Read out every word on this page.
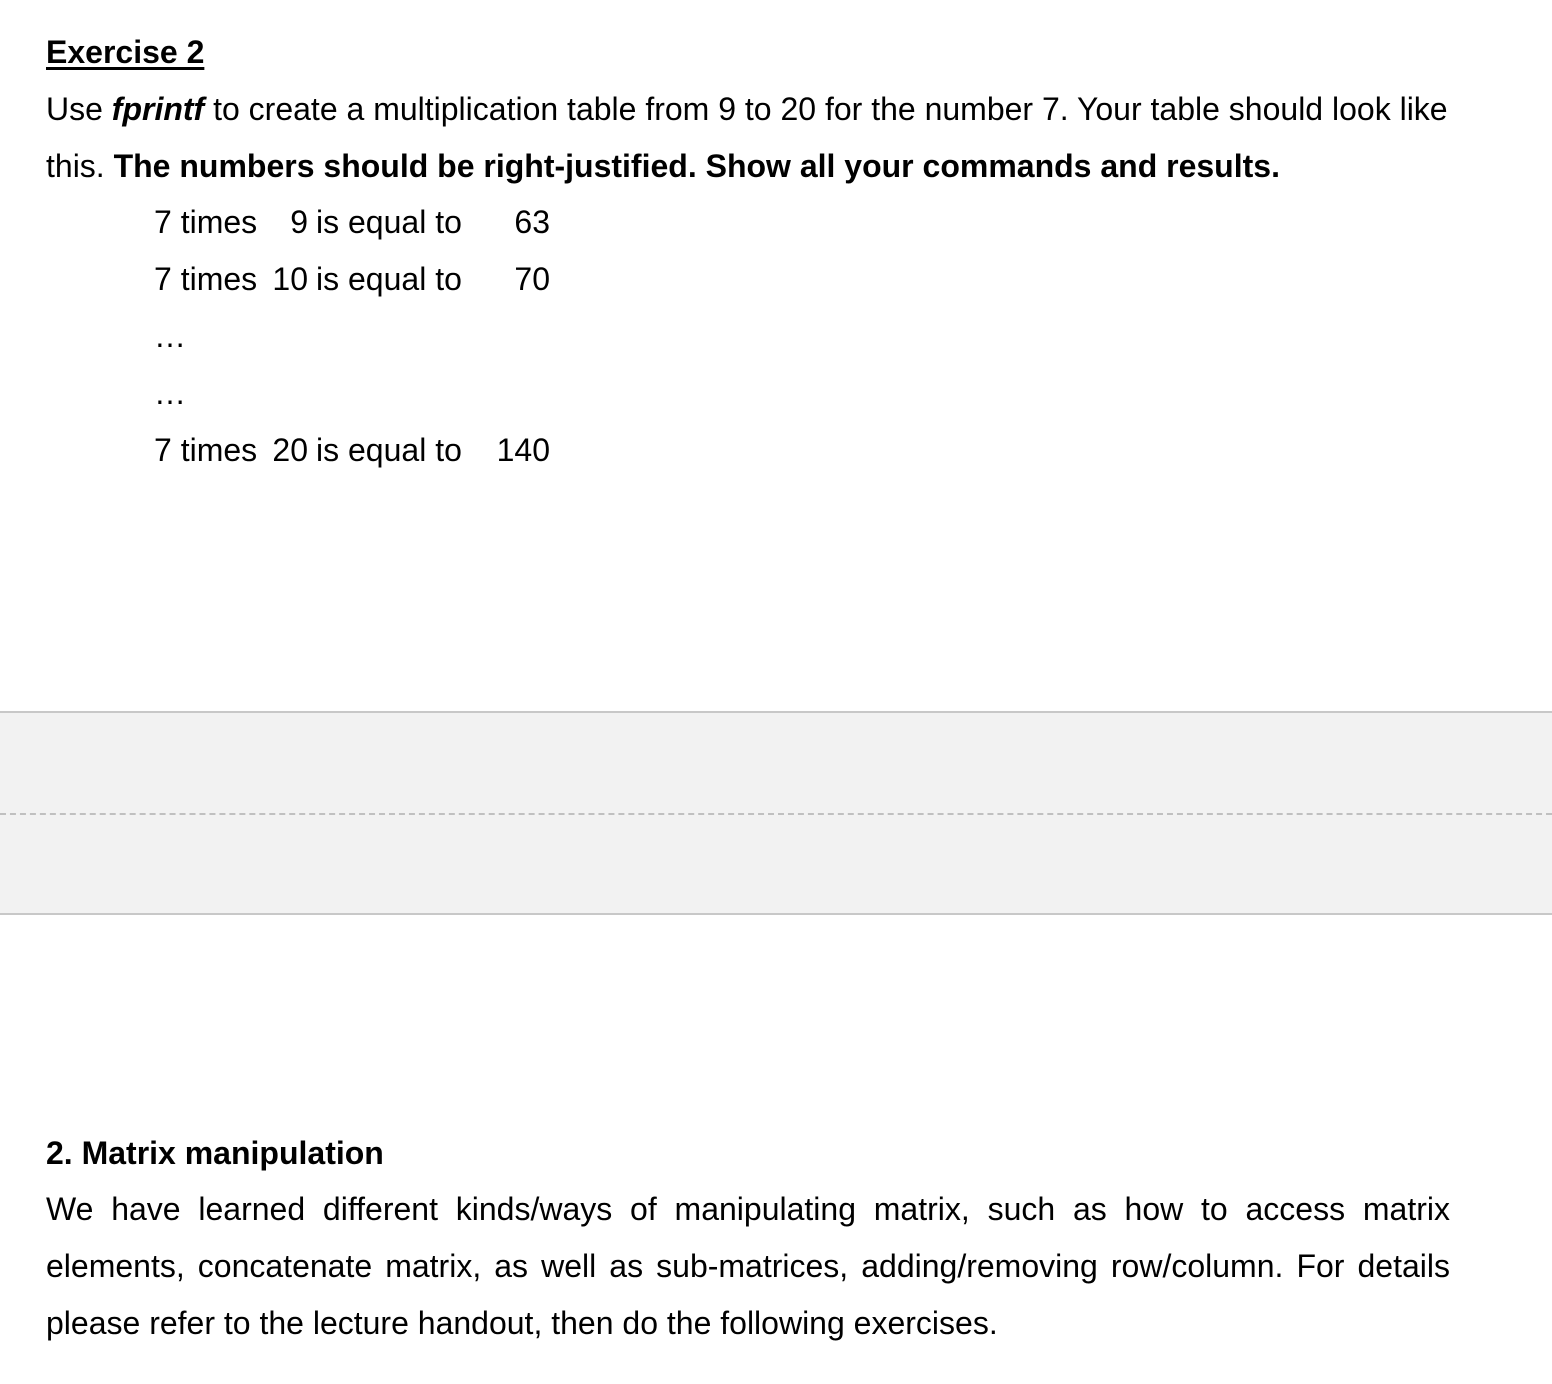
Exercise 2

Use fprintf to create a multiplication table from 9 to 20 for the number 7. Your table should look like this. The numbers should be right-justified. Show all your commands and results.

7 times	9 is equal to	63
7 times 10 is equal to	70
…
…
7 times 20 is equal to	140
2. Matrix manipulation

We have learned different kinds/ways of manipulating matrix, such as how to access matrix elements, concatenate matrix, as well as sub-matrices, adding/removing row/column. For details please refer to the lecture handout, then do the following exercises.
